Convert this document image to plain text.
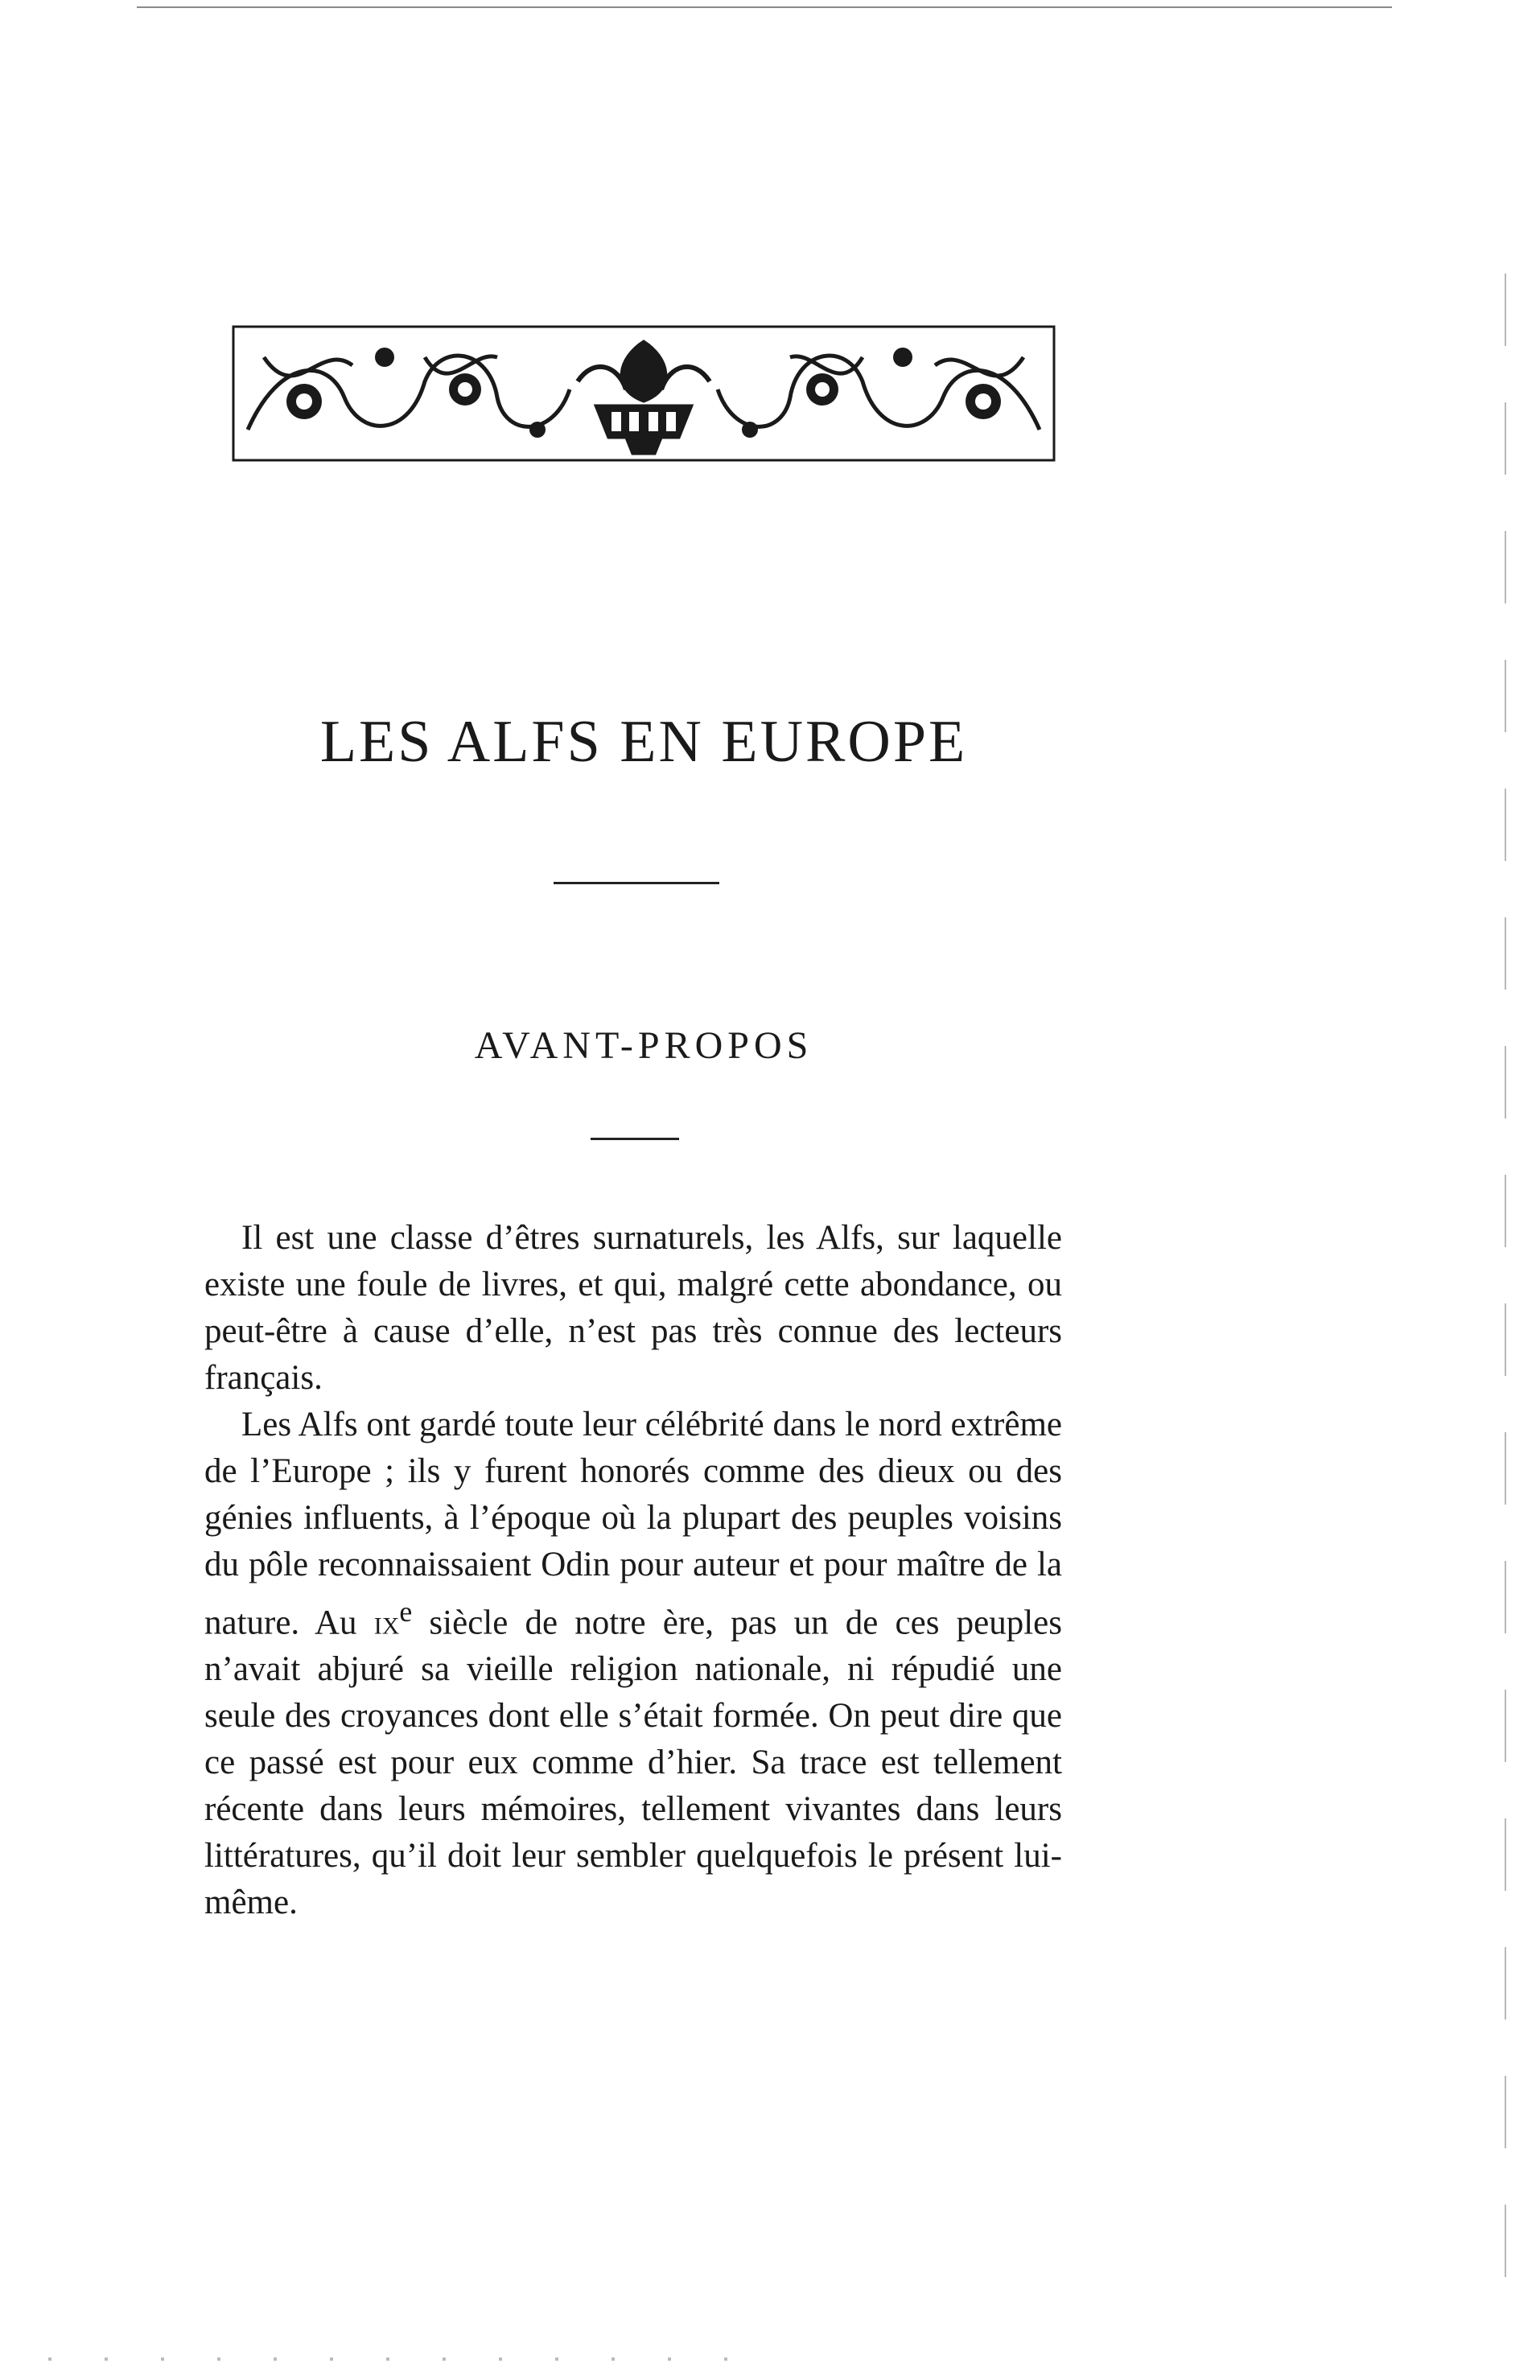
LES ALFS EN EUROPE
AVANT-PROPOS

Il est une classe d’êtres surnaturels, les Alfs, sur laquelle existe une foule de livres, et qui, malgré cette abondance, ou peut-être à cause d’elle, n’est pas très connue des lecteurs français.

Les Alfs ont gardé toute leur célébrité dans le nord extrême de l’Europe ; ils y furent honorés comme des dieux ou des génies influents, à l’époque où la plupart des peuples voisins du pôle reconnaissaient Odin pour auteur et pour maître de la nature. Au $ix^e$ siècle de notre ère, pas un de ces peuples n’avait abjuré sa vieille religion nationale, ni répudié une seule des croyances dont elle s’était formée. On peut dire que ce passé est pour eux comme d’hier. Sa trace est tellement récente dans leurs mémoires, tellement vivantes dans leurs littératures, qu’il doit leur sembler quelquefois le présent lui-même.
